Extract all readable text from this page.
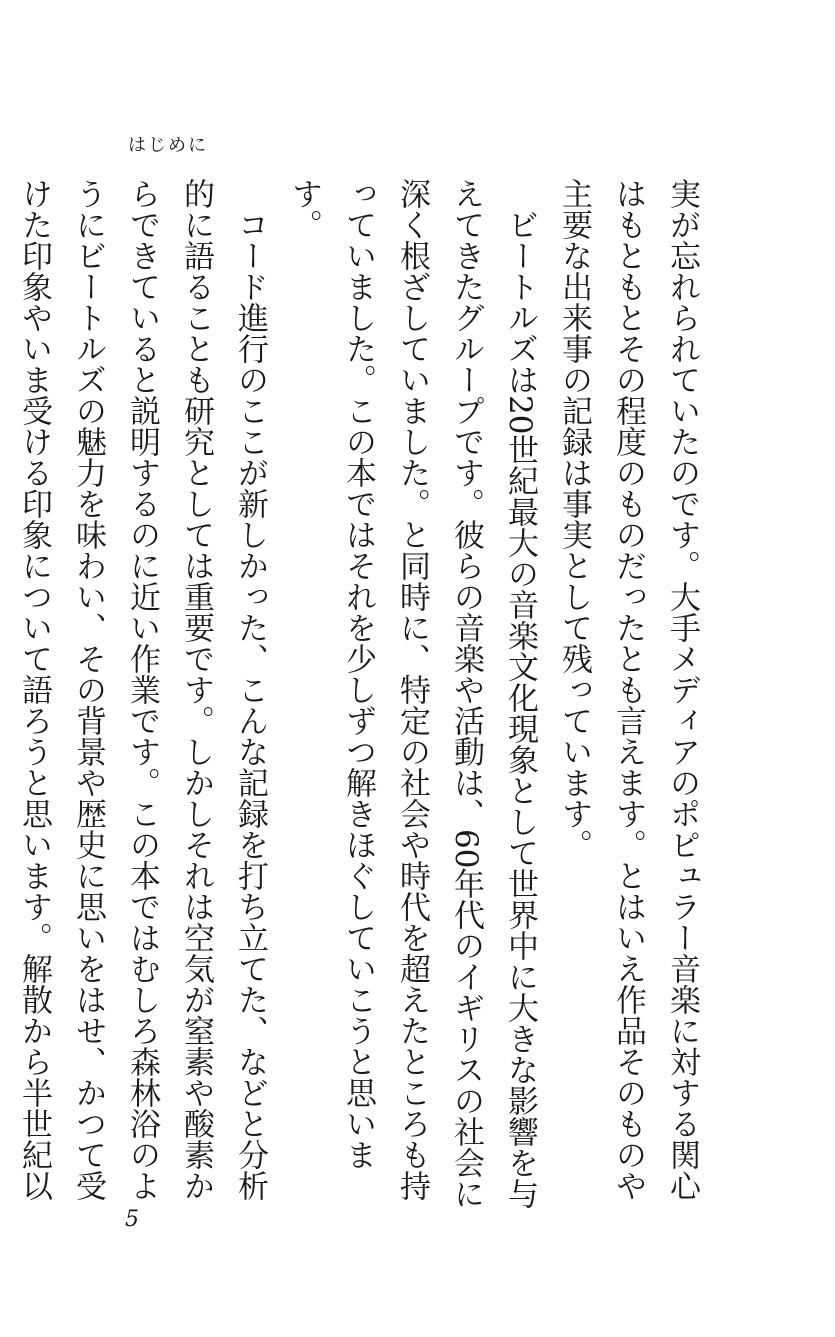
はじめに

実が忘れられていたのです。大手メディアのポピュラー音楽に対する関心はもともとその程度のものだったとも言えます。とはいえ作品そのものや主要な出来事の記録は事実として残っています。

ビートルズは20世紀最大の音楽文化現象として世界中に大きな影響を与えてきたグループです。彼らの音楽や活動は、60年代のイギリスの社会に深く根ざしていました。と同時に、特定の社会や時代を超えたところも持っていました。この本ではそれを少しずつ解きほぐしていこうと思います。

コード進行のここが新しかった、こんな記録を打ち立てた、などと分析的に語ることも研究としては重要です。しかしそれは空気が窒素や酸素からできていると説明するのに近い作業です。この本ではむしろ森林浴のようにビートルズの魅力を味わい、その背景や歴史に思いをはせ、かつて受けた印象やいま受ける印象について語ろうと思います。解散から半世紀以

5
